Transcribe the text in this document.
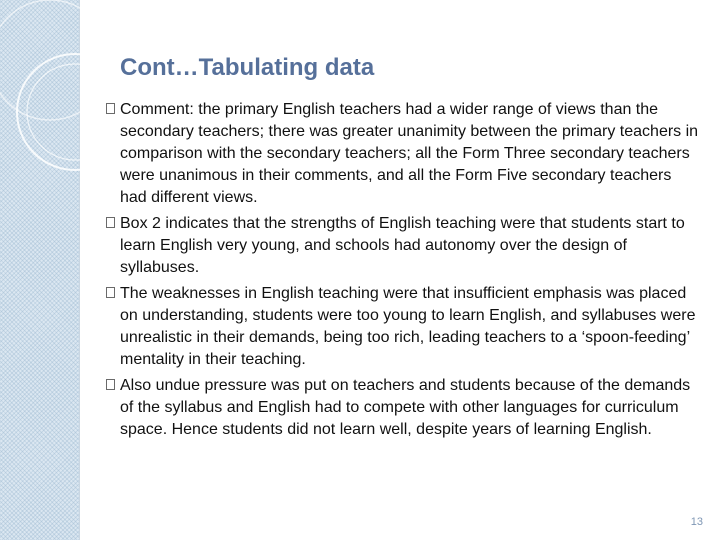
Cont…Tabulating data
Comment: the primary English teachers had a wider range of views than the secondary teachers; there was greater unanimity between the primary teachers in comparison with the secondary teachers; all the Form Three secondary teachers were unanimous in their comments, and all the Form Five secondary teachers had different views.
Box 2 indicates that the strengths of English teaching were that students start to learn English very young, and schools had autonomy over the design of syllabuses.
The weaknesses in English teaching were that insufficient emphasis was placed on understanding, students were too young to learn English, and syllabuses were unrealistic in their demands, being too rich, leading teachers to a ‘spoon-feeding’ mentality in their teaching.
Also undue pressure was put on teachers and students because of the demands of the syllabus and English had to compete with other languages for curriculum space. Hence students did not learn well, despite years of learning English.
13
